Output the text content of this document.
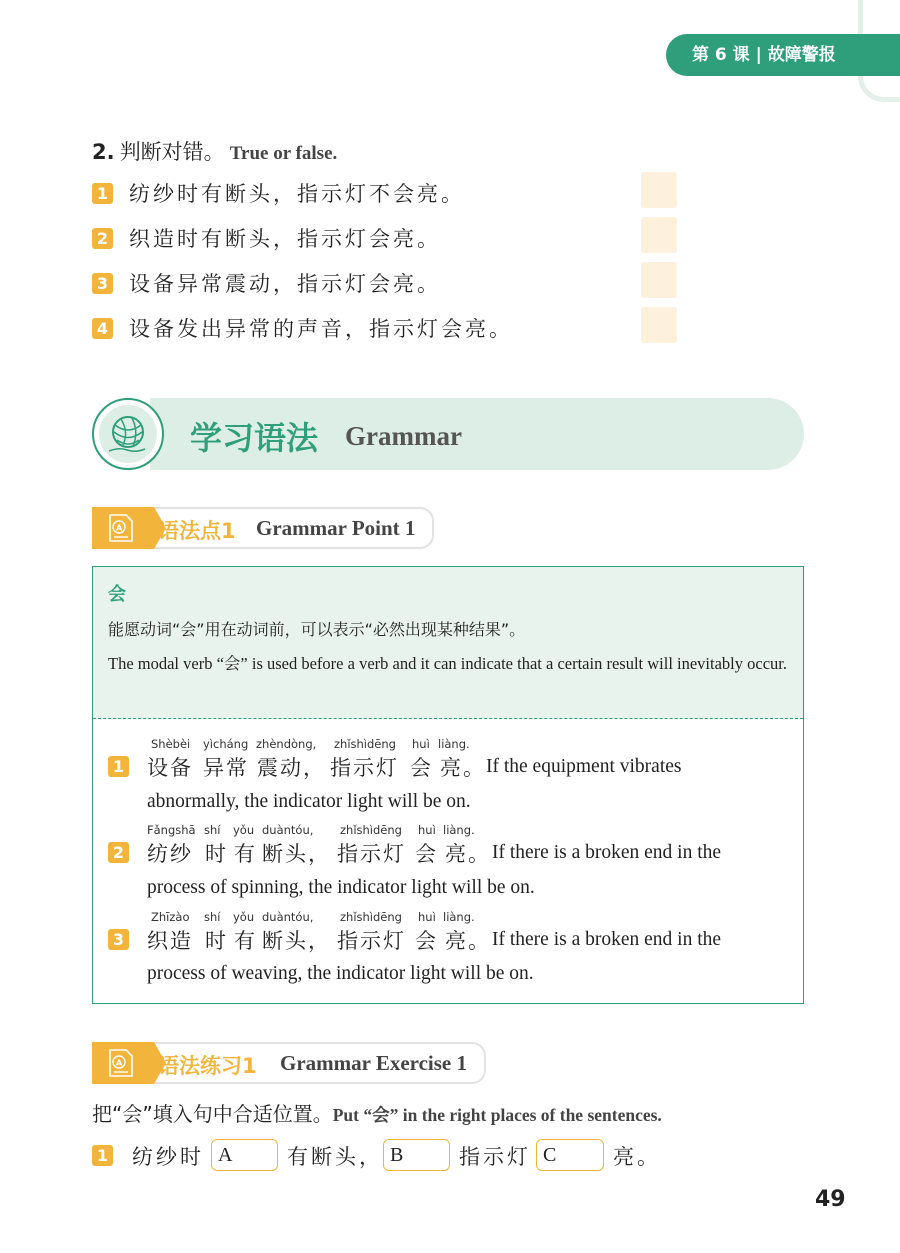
第 6 课 | 故障警报
2. 判断对错。 True or false.
1 纺纱时有断头，指示灯不会亮。
2 织造时有断头，指示灯会亮。
3 设备异常震动，指示灯会亮。
4 设备发出异常的声音，指示灯会亮。
学习语法 Grammar
A 语法点1 Grammar Point 1
会
能愿动词“会”用在动词前，可以表示“必然出现某种结果”。
The modal verb “会” is used before a verb and it can indicate that a certain result will inevitably occur.
1
Shèbèi yìcháng zhèndòng, zhǐshìdēng huì liàng.
设备 异常 震动， 指示灯 会 亮。 If the equipment vibrates
abnormally, the indicator light will be on.
2
Fǎngshā shí yǒu duàntóu, zhǐshìdēng huì liàng.
纺纱 时 有 断头， 指示灯 会 亮。 If there is a broken end in the
process of spinning, the indicator light will be on.
3
Zhīzào shí yǒu duàntóu, zhǐshìdēng huì liàng.
织造 时 有 断头， 指示灯 会 亮。 If there is a broken end in the
process of weaving, the indicator light will be on.
A 语法练习1 Grammar Exercise 1
把“会”填入句中合适位置。Put “会” in the right places of the sentences.
1 纺纱时 A	有断头， B	指示灯 C	亮。
49
